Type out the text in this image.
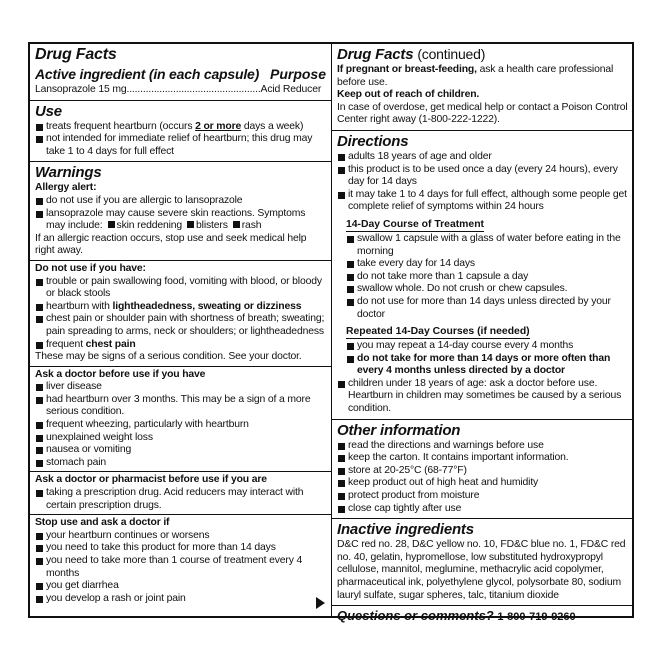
Drug Facts
Active ingredient (in each capsule) Purpose
Lansoprazole 15 mg.................................................Acid Reducer
Use
treats frequent heartburn (occurs 2 or more days a week)
not intended for immediate relief of heartburn; this drug may take 1 to 4 days for full effect
Warnings
Allergy alert:
do not use if you are allergic to lansoprazole
lansoprazole may cause severe skin reactions. Symptoms may include: skin reddening blisters rash
If an allergic reaction occurs, stop use and seek medical help right away.
Do not use if you have:
trouble or pain swallowing food, vomiting with blood, or bloody or black stools
heartburn with lightheadedness, sweating or dizziness
chest pain or shoulder pain with shortness of breath; sweating; pain spreading to arms, neck or shoulders; or lightheadedness
frequent chest pain
These may be signs of a serious condition. See your doctor.
Ask a doctor before use if you have
liver disease
had heartburn over 3 months. This may be a sign of a more serious condition.
frequent wheezing, particularly with heartburn
unexplained weight loss
nausea or vomiting
stomach pain
Ask a doctor or pharmacist before use if you are
taking a prescription drug. Acid reducers may interact with certain prescription drugs.
Stop use and ask a doctor if
your heartburn continues or worsens
you need to take this product for more than 14 days
you need to take more than 1 course of treatment every 4 months
you get diarrhea
you develop a rash or joint pain
Drug Facts (continued)
If pregnant or breast-feeding, ask a health care professional before use.
Keep out of reach of children.
In case of overdose, get medical help or contact a Poison Control Center right away (1-800-222-1222).
Directions
adults 18 years of age and older
this product is to be used once a day (every 24 hours), every day for 14 days
it may take 1 to 4 days for full effect, although some people get complete relief of symptoms within 24 hours
14-Day Course of Treatment
swallow 1 capsule with a glass of water before eating in the morning
take every day for 14 days
do not take more than 1 capsule a day
swallow whole. Do not crush or chew capsules.
do not use for more than 14 days unless directed by your doctor
Repeated 14-Day Courses (if needed)
you may repeat a 14-day course every 4 months
do not take for more than 14 days or more often than every 4 months unless directed by a doctor
children under 18 years of age: ask a doctor before use. Heartburn in children may sometimes be caused by a serious condition.
Other information
read the directions and warnings before use
keep the carton. It contains important information.
store at 20-25°C (68-77°F)
keep product out of high heat and humidity
protect product from moisture
close cap tightly after use
Inactive ingredients
D&C red no. 28, D&C yellow no. 10, FD&C blue no. 1, FD&C red no. 40, gelatin, hypromellose, low substituted hydroxypropyl cellulose, mannitol, meglumine, methacrylic acid copolymer, pharmaceutical ink, polyethylene glycol, polysorbate 80, sodium lauryl sulfate, sugar spheres, talc, titanium dioxide
Questions or comments? 1-800-719-9260
